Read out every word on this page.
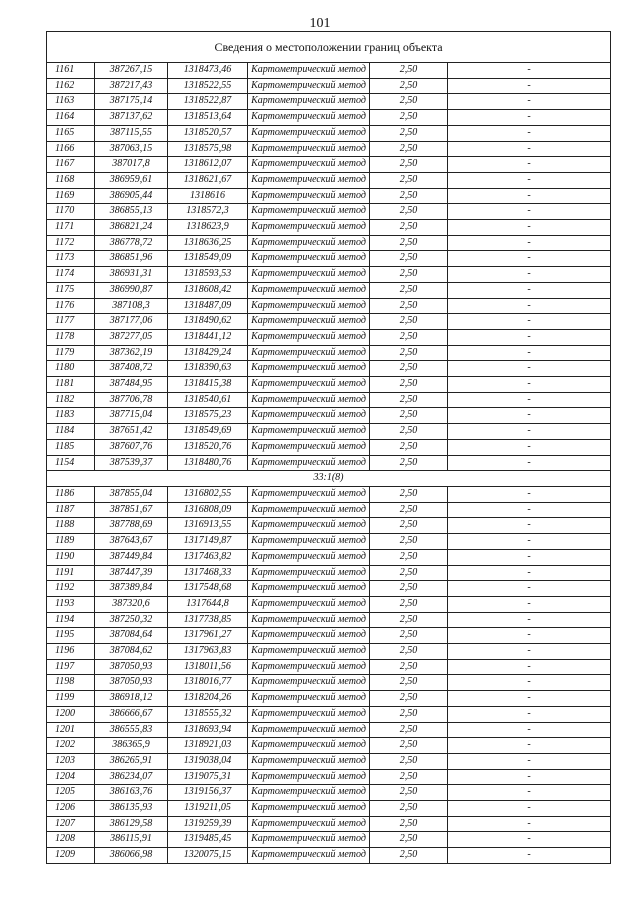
101
Сведения о местоположении границ объекта					
1161	387267,15	1318473,46	Картометрический метод	2,50	-
1162	387217,43	1318522,55	Картометрический метод	2,50	-
1163	387175,14	1318522,87	Картометрический метод	2,50	-
1164	387137,62	1318513,64	Картометрический метод	2,50	-
1165	387115,55	1318520,57	Картометрический метод	2,50	-
1166	387063,15	1318575,98	Картометрический метод	2,50	-
1167	387017,8	1318612,07	Картометрический метод	2,50	-
1168	386959,61	1318621,67	Картометрический метод	2,50	-
1169	386905,44	1318616	Картометрический метод	2,50	-
1170	386855,13	1318572,3	Картометрический метод	2,50	-
1171	386821,24	1318623,9	Картометрический метод	2,50	-
1172	386778,72	1318636,25	Картометрический метод	2,50	-
1173	386851,96	1318549,09	Картометрический метод	2,50	-
1174	386931,31	1318593,53	Картометрический метод	2,50	-
1175	386990,87	1318608,42	Картометрический метод	2,50	-
1176	387108,3	1318487,09	Картометрический метод	2,50	-
1177	387177,06	1318490,62	Картометрический метод	2,50	-
1178	387277,05	1318441,12	Картометрический метод	2,50	-
1179	387362,19	1318429,24	Картометрический метод	2,50	-
1180	387408,72	1318390,63	Картометрический метод	2,50	-
1181	387484,95	1318415,38	Картометрический метод	2,50	-
1182	387706,78	1318540,61	Картометрический метод	2,50	-
1183	387715,04	1318575,23	Картометрический метод	2,50	-
1184	387651,42	1318549,69	Картометрический метод	2,50	-
1185	387607,76	1318520,76	Картометрический метод	2,50	-
1154	387539,37	1318480,76	Картометрический метод	2,50	-
33:1(8)					
1186	387855,04	1316802,55	Картометрический метод	2,50	-
1187	387851,67	1316808,09	Картометрический метод	2,50	-
1188	387788,69	1316913,55	Картометрический метод	2,50	-
1189	387643,67	1317149,87	Картометрический метод	2,50	-
1190	387449,84	1317463,82	Картометрический метод	2,50	-
1191	387447,39	1317468,33	Картометрический метод	2,50	-
1192	387389,84	1317548,68	Картометрический метод	2,50	-
1193	387320,6	1317644,8	Картометрический метод	2,50	-
1194	387250,32	1317738,85	Картометрический метод	2,50	-
1195	387084,64	1317961,27	Картометрический метод	2,50	-
1196	387084,62	1317963,83	Картометрический метод	2,50	-
1197	387050,93	1318011,56	Картометрический метод	2,50	-
1198	387050,93	1318016,77	Картометрический метод	2,50	-
1199	386918,12	1318204,26	Картометрический метод	2,50	-
1200	386666,67	1318555,32	Картометрический метод	2,50	-
1201	386555,83	1318693,94	Картометрический метод	2,50	-
1202	386365,9	1318921,03	Картометрический метод	2,50	-
1203	386265,91	1319038,04	Картометрический метод	2,50	-
1204	386234,07	1319075,31	Картометрический метод	2,50	-
1205	386163,76	1319156,37	Картометрический метод	2,50	-
1206	386135,93	1319211,05	Картометрический метод	2,50	-
1207	386129,58	1319259,39	Картометрический метод	2,50	-
1208	386115,91	1319485,45	Картометрический метод	2,50	-
1209	386066,98	1320075,15	Картометрический метод	2,50	-
